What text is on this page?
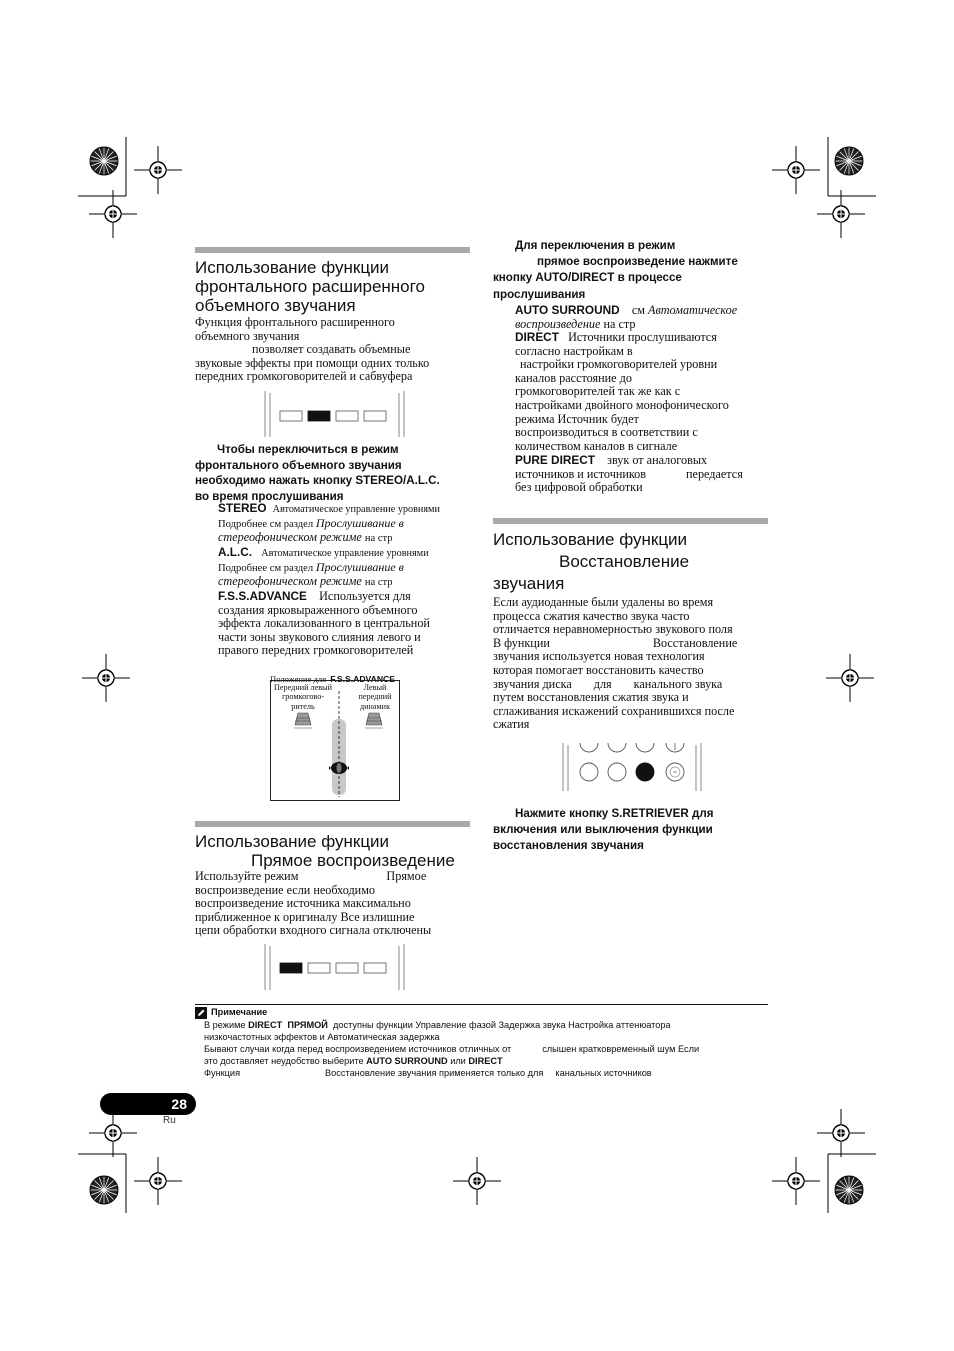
Использование функции
фронтального расширенного
объемного звучания
Функция фронтального расширенного
объемного звучания
позволяет создавать объемные
звуковые эффекты при помощи одних только
передних громкоговорителей и сабвуфера
Чтобы переключиться в режим
фронтального объемного звучания
необходимо нажать кнопку STEREO/A.L.C.
во время прослушивания
STEREO Автоматическое управление уровнями
Подробнее см раздел Прослушивание в
стереофоническом режиме на стр
A.L.C. Автоматическое управление уровнями
Подробнее см раздел Прослушивание в
стереофоническом режиме на стр
F.S.S.ADVANCE Используется для
создания ярковыраженного объемного
эффекта локализованного в центральной
части зоны звукового слияния левого и
правого передних громкоговорителей
Положение для F.S.S.ADVANCE
Передний левый
громкогово-
ритель
Левый
передний
динамик
Использование функции
Прямое воспроизведение
Используйте режим	Прямое
воспроизведение если необходимо
воспроизведение источника максимально
приближенное к оригиналу Все излишние
цепи обработки входного сигнала отключены
Для переключения в режим
прямое воспроизведение нажмите
кнопку AUTO/DIRECT в процессе
прослушивания
AUTO SURROUND см Автоматическое
воспроизведение на стр
DIRECT Источники прослушиваются
согласно настройкам в
настройки громкоговорителей уровни
каналов расстояние до
громкоговорителей так же как с
настройками двойного монофонического
режима Источник будет
воспроизводиться в соответствии с
количеством каналов в сигнале
PURE DIRECT звук от аналоговых
источников и источников	передается
без цифровой обработки
Использование функции
Восстановление
звучания
Если аудиоданные были удалены во время
процесса сжатия качество звука часто
отличается неравномерностью звукового поля
В функции	Восстановление
звучания используется новая технология
которая помогает восстановить качество
звучания диска для канального звука
путем восстановления сжатия звука и
сглаживания искажений сохранившихся после
сжатия
Нажмите кнопку S.RETRIEVER для
включения или выключения функции
восстановления звучания
Примечание
В режиме DIRECT ПРЯМОЙ доступны функции Управление фазой Задержка звука Настройка аттенюатора
низкочастотных эффектов и Автоматическая задержка
Бывают случаи когда перед воспроизведением источников отличных от	слышен кратковременный шум Если
это доставляет неудобство выберите AUTO SURROUND или DIRECT
Функция	Восстановление звучания применяется только для канальных источников
28
Ru
